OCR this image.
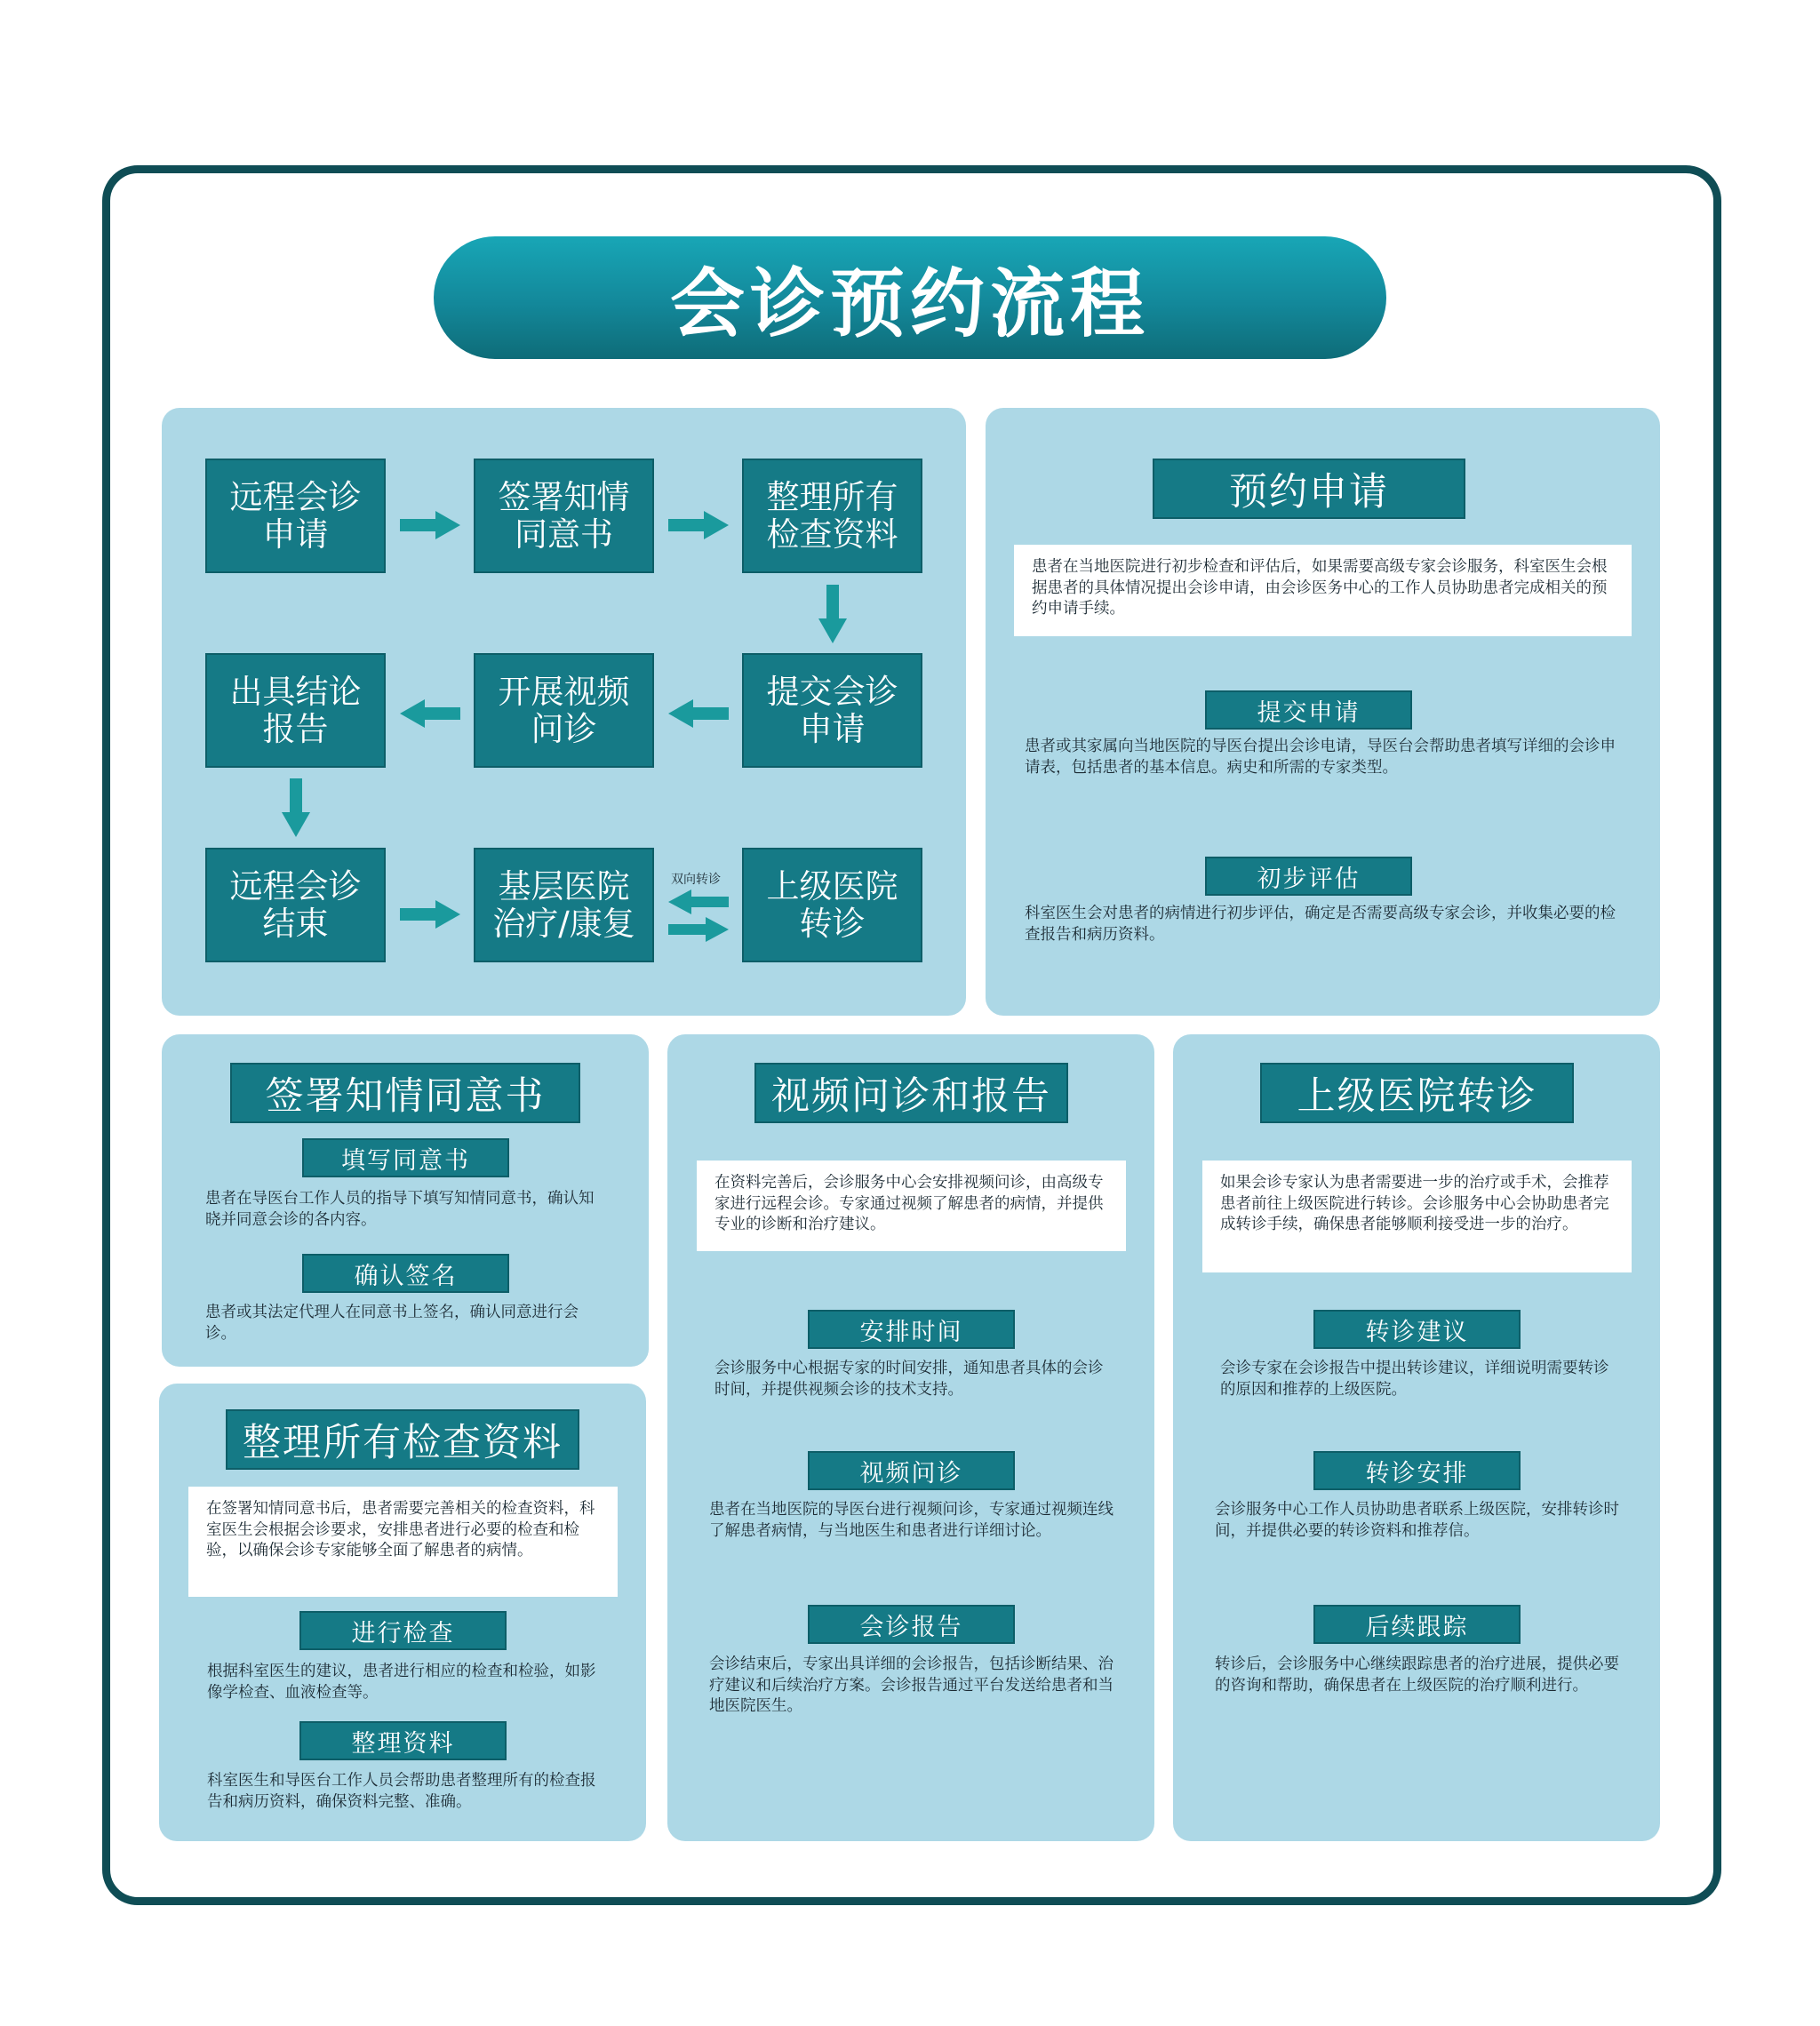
会诊预约流程
远程会诊
申请
签署知情
同意书
整理所有
检查资料
提交会诊
申请
开展视频
问诊
出具结论
报告
远程会诊
结束
基层医院
治疗/康复
上级医院
转诊
双向转诊
预约申请
患者在当地医院进行初步检查和评估后，如果需要高级专家会诊服务，科室医生会根据患者的具体情况提出会诊申请，由会诊医务中心的工作人员协助患者完成相关的预约申请手续。
提交申请
患者或其家属向当地医院的导医台提出会诊电请，导医台会帮助患者填写详细的会诊申请表，包括患者的基本信息。病史和所需的专家类型。
初步评估
科室医生会对患者的病情进行初步评估，确定是否需要高级专家会诊，并收集必要的检查报告和病历资料。
签署知情同意书
填写同意书
患者在导医台工作人员的指导下填写知情同意书，确认知晓并同意会诊的各内容。
确认签名
患者或其法定代理人在同意书上签名，确认同意进行会诊。
整理所有检查资料
在签署知情同意书后，患者需要完善相关的检查资料，科室医生会根据会诊要求，安排患者进行必要的检查和检验，以确保会诊专家能够全面了解患者的病情。
进行检查
根据科室医生的建议，患者进行相应的检查和检验，如影像学检查、血液检查等。
整理资料
科室医生和导医台工作人员会帮助患者整理所有的检查报告和病历资料，确保资料完整、准确。
视频问诊和报告
在资料完善后，会诊服务中心会安排视频问诊，由高级专家进行远程会诊。专家通过视频了解患者的病情，并提供专业的诊断和治疗建议。
安排时间
会诊服务中心根据专家的时间安排，通知患者具体的会诊时间，并提供视频会诊的技术支持。
视频问诊
患者在当地医院的导医台进行视频问诊，专家通过视频连线了解患者病情，与当地医生和患者进行详细讨论。
会诊报告
会诊结束后，专家出具详细的会诊报告，包括诊断结果、治疗建议和后续治疗方案。会诊报告通过平台发送给患者和当地医院医生。
上级医院转诊
如果会诊专家认为患者需要进一步的治疗或手术，会推荐患者前往上级医院进行转诊。会诊服务中心会协助患者完成转诊手续，确保患者能够顺利接受进一步的治疗。
转诊建议
会诊专家在会诊报告中提出转诊建议，详细说明需要转诊的原因和推荐的上级医院。
转诊安排
会诊服务中心工作人员协助患者联系上级医院，安排转诊时间，并提供必要的转诊资料和推荐信。
后续跟踪
转诊后，会诊服务中心继续跟踪患者的治疗进展，提供必要的咨询和帮助，确保患者在上级医院的治疗顺利进行。
